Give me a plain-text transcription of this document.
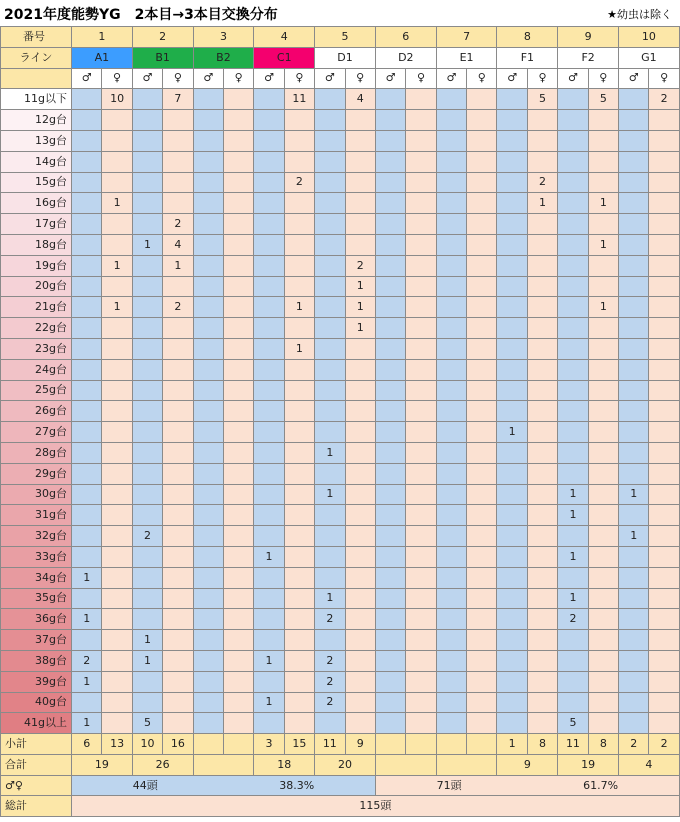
2021年度能勢YG　2本目→3本目交換分布	★幼虫は除く
番号	1		2		3		4		5		6		7		8		9		10	
ライン	A1		B1		B2		C1		D1		D2		E1		F1		F2		G1	
	♂	♀	♂	♀	♂	♀	♂	♀	♂	♀	♂	♀	♂	♀	♂	♀	♂	♀	♂	♀
11g以下		10		7				11		4						5		5		2
12g台																				
13g台																				
14g台																				
15g台								2								2				
16g台		1														1		1		
17g台				2																
18g台			1	4														1		
19g台		1		1						2										
20g台										1										
21g台		1		2				1		1								1		
22g台										1										
23g台								1												
24g台																				
25g台																				
26g台																				
27g台															1					
28g台									1											
29g台																				
30g台									1								1		1	
31g台																	1			
32g台			2																1	
33g台							1										1			
34g台	1																			
35g台									1								1			
36g台	1								2								2			
37g台			1																	
38g台	2		1				1		2											
39g台	1								2											
40g台							1		2											
41g以上	1		5														5			
小計	6	13	10	16			3	15	11	9					1	8	11	8	2	2
合計	19		26				18		20						9		19		4	
♂♀	44頭 38.3%										71頭 61.7%									

総計	115頭																			
